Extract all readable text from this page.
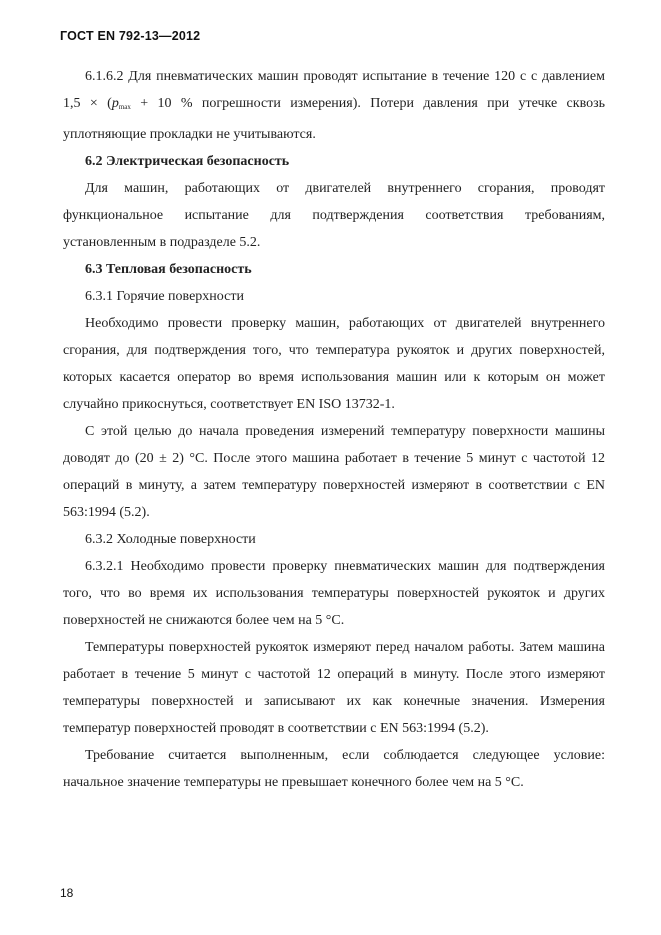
ГОСТ EN 792-13—2012

6.1.6.2 Для пневматических машин проводят испытание в течение 120 с с давлением 1,5 × (pmax + 10 % погрешности измерения). Потери давления при утечке сквозь уплотняющие прокладки не учитываются.

6.2 Электрическая безопасность

Для машин, работающих от двигателей внутреннего сгорания, проводят функциональное испытание для подтверждения соответствия требованиям, установленным в подразделе 5.2.

6.3 Тепловая безопасность

6.3.1 Горячие поверхности

Необходимо провести проверку машин, работающих от двигателей внутреннего сгорания, для подтверждения того, что температура рукояток и других поверхностей, которых касается оператор во время использования машин или к которым он может случайно прикоснуться, соответствует EN ISO 13732-1.

С этой целью до начала проведения измерений температуру поверхности машины доводят до (20 ± 2) °С. После этого машина работает в течение 5 минут с частотой 12 операций в минуту, а затем температуру поверхностей измеряют в соответствии с EN 563:1994 (5.2).

6.3.2 Холодные поверхности

6.3.2.1 Необходимо провести проверку пневматических машин для подтверждения того, что во время их использования температуры поверхностей рукояток и других поверхностей не снижаются более чем на 5 °С.

Температуры поверхностей рукояток измеряют перед началом работы. Затем машина работает в течение 5 минут с частотой 12 операций в минуту. После этого измеряют температуры поверхностей и записывают их как конечные значения. Измерения температур поверхностей проводят в соответствии с EN 563:1994 (5.2).

Требование считается выполненным, если соблюдается следующее условие: начальное значение температуры не превышает конечного более чем на 5 °С.

18
